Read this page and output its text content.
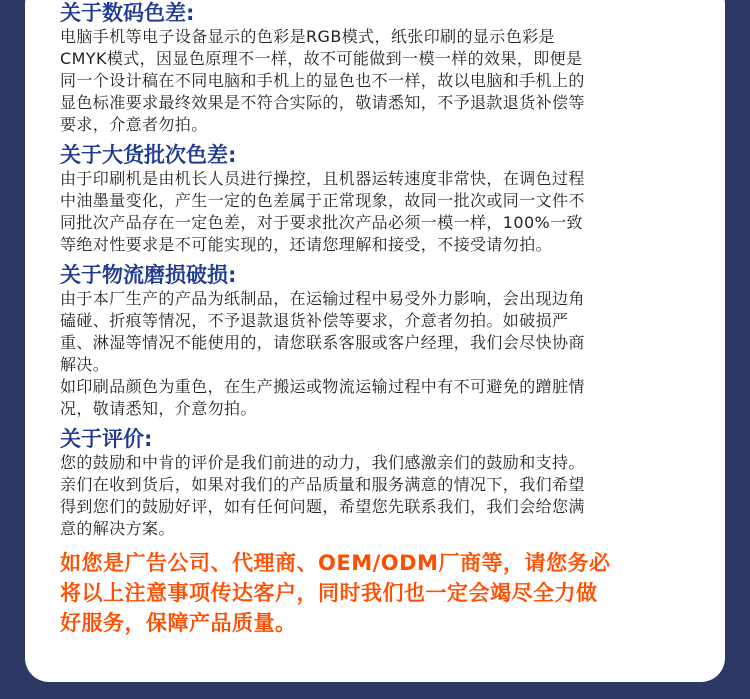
关于数码色差:
电脑手机等电子设备显示的色彩是RGB模式，纸张印刷的显示色彩是
CMYK模式，因显色原理不一样，故不可能做到一模一样的效果，即便是
同一个设计稿在不同电脑和手机上的显色也不一样，故以电脑和手机上的
显色标准要求最终效果是不符合实际的，敬请悉知，不予退款退货补偿等
要求，介意者勿拍。
关于大货批次色差:
由于印刷机是由机长人员进行操控，且机器运转速度非常快，在调色过程
中油墨量变化，产生一定的色差属于正常现象，故同一批次或同一文件不
同批次产品存在一定色差，对于要求批次产品必须一模一样，100%一致
等绝对性要求是不可能实现的，还请您理解和接受，不接受请勿拍。
关于物流磨损破损:
由于本厂生产的产品为纸制品，在运输过程中易受外力影响，会出现边角
磕碰、折痕等情况，不予退款退货补偿等要求，介意者勿拍。如破损严
重、淋湿等情况不能使用的，请您联系客服或客户经理，我们会尽快协商
解决。
如印刷品颜色为重色，在生产搬运或物流运输过程中有不可避免的蹭脏情
况，敬请悉知，介意勿拍。
关于评价:
您的鼓励和中肯的评价是我们前进的动力，我们感激亲们的鼓励和支持。
亲们在收到货后，如果对我们的产品质量和服务满意的情况下，我们希望
得到您们的鼓励好评，如有任何问题，希望您先联系我们，我们会给您满
意的解决方案。
如您是广告公司、代理商、OEM/ODM厂商等，请您务必
将以上注意事项传达客户，同时我们也一定会竭尽全力做
好服务，保障产品质量。
